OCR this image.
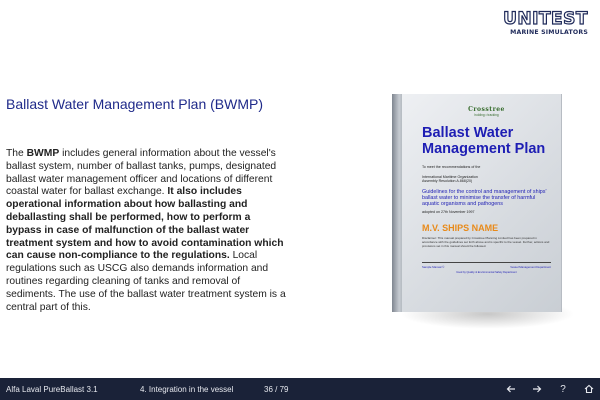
UNITEST
MARINE SIMULATORS
Ballast Water Management Plan (BWMP)
The BWMP includes general information about the vessel's ballast system, number of ballast tanks, pumps, designated ballast water management officer and locations of different coastal water for ballast exchange. It also includes operational information about how ballasting and deballasting shall be performed, how to perform a bypass in case of malfunction of the ballast water treatment system and how to avoid contamination which can cause non-compliance to the regulations. Local regulations such as USCG also demands information and routines regarding cleaning of tanks and removal of sediments. The use of the ballast water treatment system is a central part of this.
Crosstree
holding • tracking
Ballast Water
Management Plan
To meet the recommendations of the
International Maritime Organization
Assembly Resolution A.868(20)
Guidelines for the control and management of ships' ballast water to minimise the transfer of harmful aquatic organisms and pathogens
adopted on 27th November 1997
M.V. SHIPS NAME
Disclaimer: This manual prepared by Crosstree Planning Limited has been prepared in accordance with the guidelines set forth above and is specific to the vessel. Further, actions and provisions set in this manual should be followed.
Sample Manual ©	Vessel Management Department
Used by Quality & Environmental Safety Department
Alfa Laval PureBallast 3.1	4. Integration in the vessel	36 / 79	?
